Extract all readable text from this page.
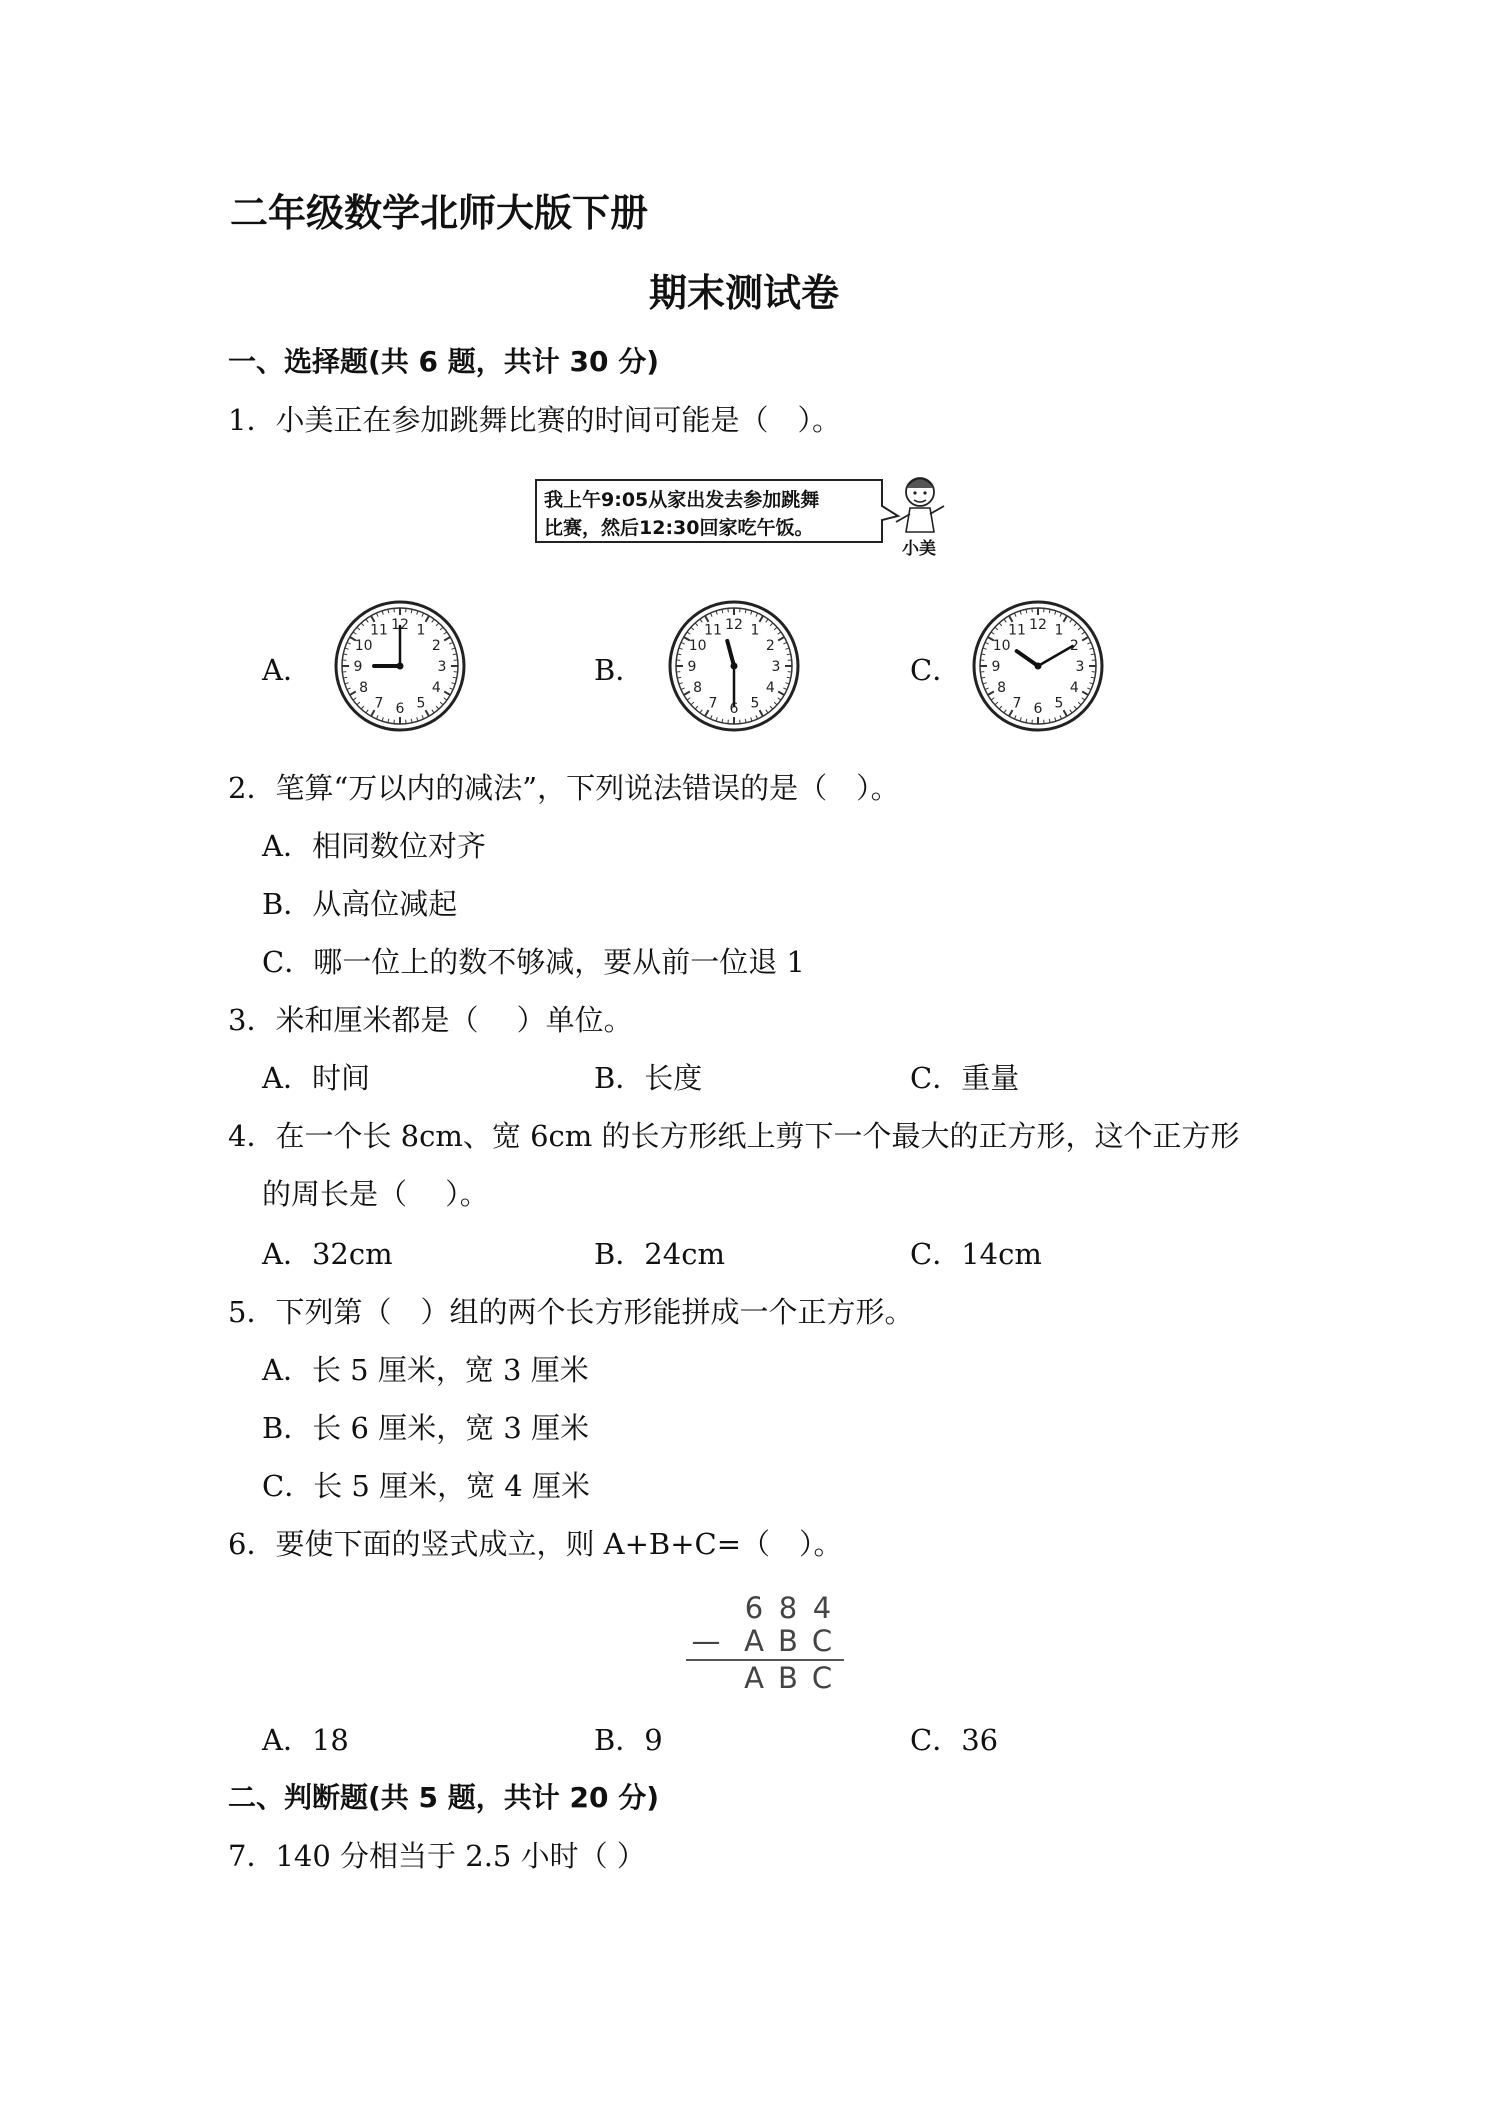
二年级数学北师大版下册
期末测试卷
一、选择题(共 6 题，共计 30 分)
1．小美正在参加跳舞比赛的时间可能是（　）。
我上午9:05从家出发去参加跳舞
比赛，然后12:30回家吃午饭。
小美
A．	B．	C．
12 1
2
3
4
5
6
7
8
9
10
11	12 1
2
3
4
5
6
7
8
9
10
11	12 1
2
3
4
5
6
7
8
9
10
11
2．笔算“万以内的减法”，下列说法错误的是（　）。
A．相同数位对齐
B．从高位减起
C．哪一位上的数不够减，要从前一位退 1
3．米和厘米都是（　 ）单位。
A．时间	B．长度	C．重量
4．在一个长 8cm、宽 6cm 的长方形纸上剪下一个最大的正方形，这个正方形
的周长是（　 ）。
A．32cm	B．24cm	C．14cm
5．下列第（　）组的两个长方形能拼成一个正方形。
A．长 5 厘米，宽 3 厘米
B．长 6 厘米，宽 3 厘米
C．长 5 厘米，宽 4 厘米
6．要使下面的竖式成立，则 A+B+C=（　）。
6 8 4
— A B C
A B C
A．18	B．9	C．36
二、判断题(共 5 题，共计 20 分)
7．140 分相当于 2.5 小时（ ）
